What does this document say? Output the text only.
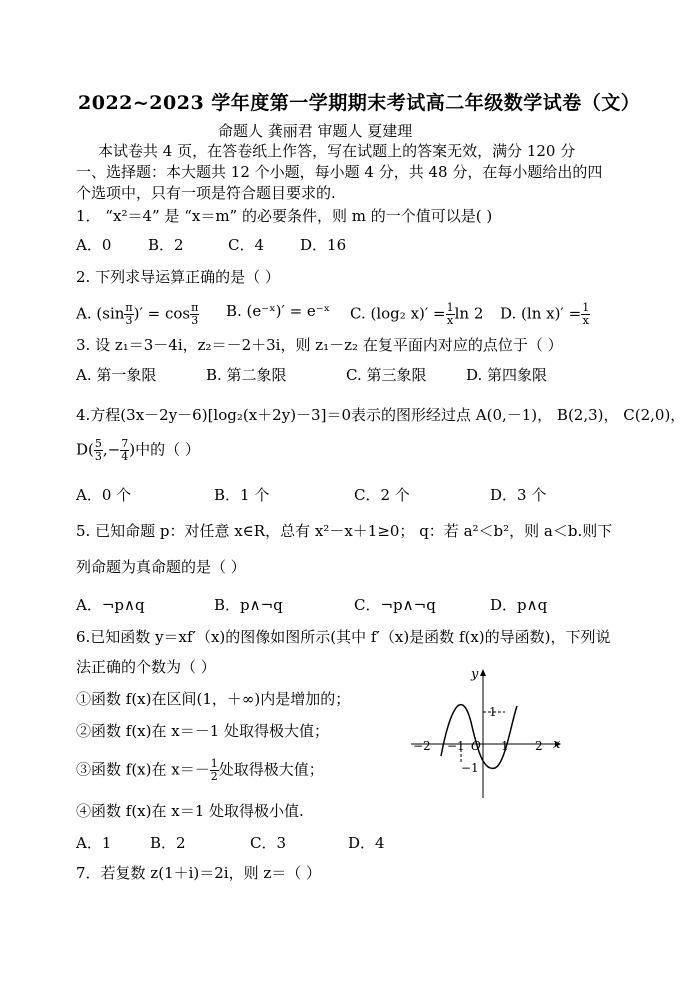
2022~2023 学年度第一学期期末考试高二年级数学试卷（文）
命题人 龚丽君 审题人 夏建理
本试卷共 4 页，在答卷纸上作答，写在试题上的答案无效，满分 120 分
一、选择题：本大题共 12 个小题，每小题 4 分，共 48 分，在每小题给出的四
个选项中，只有一项是符合题目要求的.
1． “x²＝4” 是 “x＝m” 的必要条件，则 m 的一个值可以是( )
A．0 B．2	C．4 D．16
2. 下列求导运算正确的是（ ）
A. ($\sin \frac{\pi}{3}$ )′ = $\cos \frac{\pi}{3} B$. (e⁻ˣ)′ = e⁻ˣ C. (log₂ $x)' = \frac{1}{x}$ ln 2 D. (ln $x)' = \frac{1}{x}$
3. 设 z₁＝3－4i，z₂＝－2＋3i，则 z₁－z₂ 在复平面内对应的点位于（ ）
A. 第一象限	B. 第二象限	C. 第三象限	D. 第四象限
4.方程(3x－2y－6)[log₂(x＋2y)－3]＝0表示的图形经过点 A(0,－1)， B(2,3)， C(2,0)，
$D( \frac{5}{3}$ ,− $\frac{7}{4}$ )中的（ ）
A．0 个	B．1 个	C．2 个	D．3 个
5. 已知命题 p：对任意 x∈R，总有 x²－x＋1≥0； q：若 a²＜b²，则 a＜b.则下
列命题为真命题的是（ ）
A．¬p∧q	B．p∧¬q	C．¬p∧¬q	D．p∧q
6.已知函数 y＝xf′（x)的图像如图所示(其中 f′（x)是函数 f(x)的导函数)，下列说
法正确的个数为（ ）
①函数 f(x)在区间(1，＋∞)内是增加的；
②函数 f(x)在 x＝－1 处取得极大值；
③函数 f(x)在 $x=- \frac{1}{2}$ 处取得极大值；
④函数 f(x)在 x＝1 处取得极小值.
A．1	B．2	C．3	D．4
y
x
−2 −1 O 1 2
1
−1
7．若复数 z(1＋i)＝2i，则 z＝（ ）
